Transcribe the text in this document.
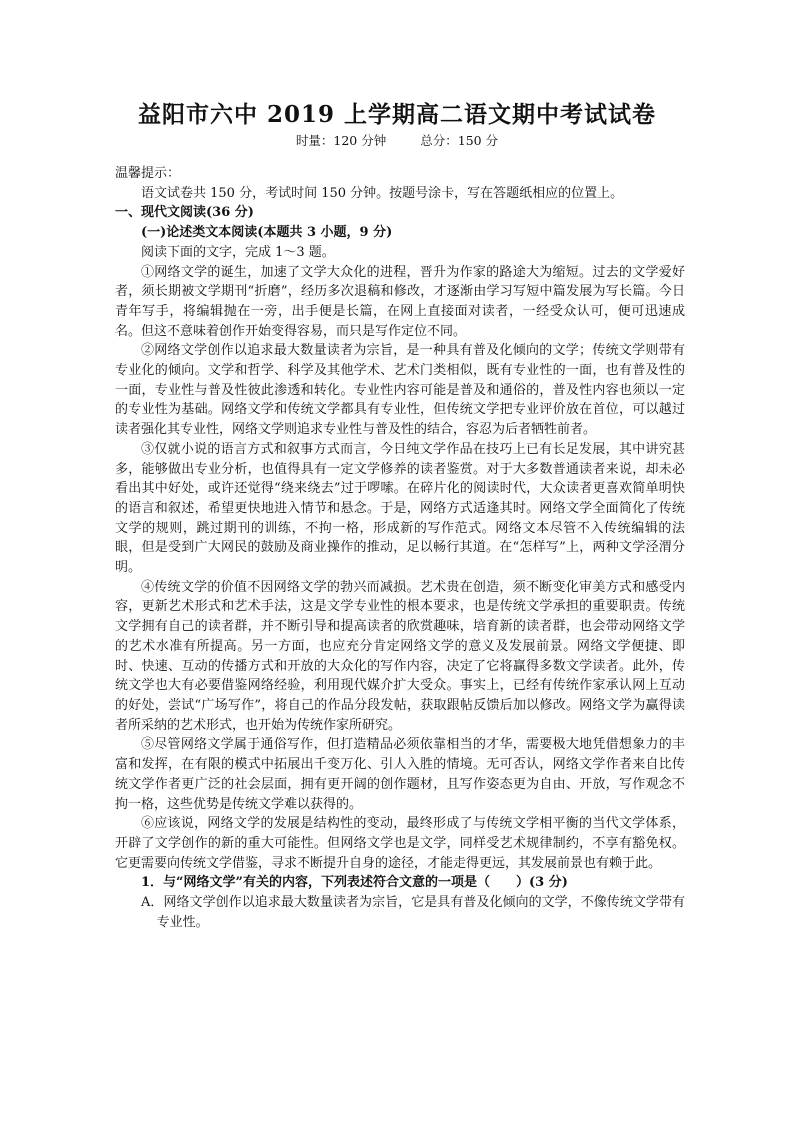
益阳市六中 2019 上学期高二语文期中考试试卷
时量：120 分钟	总分：150 分

温馨提示：

语文试卷共 150 分，考试时间 150 分钟。按题号涂卡，写在答题纸相应的位置上。

一、现代文阅读(36 分)

(一)论述类文本阅读(本题共 3 小题，9 分)

阅读下面的文字，完成 1～3 题。

①网络文学的诞生，加速了文学大众化的进程，晋升为作家的路途大为缩短。过去的文学爱好者，须长期被文学期刊“折磨”，经历多次退稿和修改，才逐渐由学习写短中篇发展为写长篇。今日青年写手，将编辑抛在一旁，出手便是长篇，在网上直接面对读者，一经受众认可，便可迅速成名。但这不意味着创作开始变得容易，而只是写作定位不同。

②网络文学创作以追求最大数量读者为宗旨，是一种具有普及化倾向的文学；传统文学则带有专业化的倾向。文学和哲学、科学及其他学术、艺术门类相似，既有专业性的一面，也有普及性的一面，专业性与普及性彼此渗透和转化。专业性内容可能是普及和通俗的，普及性内容也须以一定的专业性为基础。网络文学和传统文学都具有专业性，但传统文学把专业评价放在首位，可以越过读者强化其专业性，网络文学则追求专业性与普及性的结合，容忍为后者牺牲前者。

③仅就小说的语言方式和叙事方式而言，今日纯文学作品在技巧上已有长足发展，其中讲究甚多，能够做出专业分析，也值得具有一定文学修养的读者鉴赏。对于大多数普通读者来说，却未必看出其中好处，或许还觉得“绕来绕去”过于啰嗦。在碎片化的阅读时代，大众读者更喜欢简单明快的语言和叙述，希望更快地进入情节和悬念。于是，网络方式适逢其时。网络文学全面简化了传统文学的规则，跳过期刊的训练，不拘一格，形成新的写作范式。网络文本尽管不入传统编辑的法眼，但是受到广大网民的鼓励及商业操作的推动，足以畅行其道。在“怎样写”上，两种文学泾渭分明。

④传统文学的价值不因网络文学的勃兴而减损。艺术贵在创造，须不断变化审美方式和感受内容，更新艺术形式和艺术手法，这是文学专业性的根本要求，也是传统文学承担的重要职责。传统文学拥有自己的读者群，并不断引导和提高读者的欣赏趣味，培育新的读者群，也会带动网络文学的艺术水准有所提高。另一方面，也应充分肯定网络文学的意义及发展前景。网络文学便捷、即时、快速、互动的传播方式和开放的大众化的写作内容，决定了它将赢得多数文学读者。此外，传统文学也大有必要借鉴网络经验，利用现代媒介扩大受众。事实上，已经有传统作家承认网上互动的好处，尝试“广场写作”，将自己的作品分段发帖，获取跟帖反馈后加以修改。网络文学为赢得读者所采纳的艺术形式，也开始为传统作家所研究。

⑤尽管网络文学属于通俗写作，但打造精品必须依靠相当的才华，需要极大地凭借想象力的丰富和发挥，在有限的模式中拓展出千变万化、引人入胜的情境。无可否认，网络文学作者来自比传统文学作者更广泛的社会层面，拥有更开阔的创作题材，且写作姿态更为自由、开放，写作观念不拘一格，这些优势是传统文学难以获得的。

⑥应该说，网络文学的发展是结构性的变动，最终形成了与传统文学相平衡的当代文学体系，开辟了文学创作的新的重大可能性。但网络文学也是文学，同样受艺术规律制约，不享有豁免权。它更需要向传统文学借鉴，寻求不断提升自身的途径，才能走得更远，其发展前景也有赖于此。

1．与“网络文学”有关的内容，下列表述符合文意的一项是（　　）(3 分)

A．网络文学创作以追求最大数量读者为宗旨，它是具有普及化倾向的文学，不像传统文学带有专业性。
